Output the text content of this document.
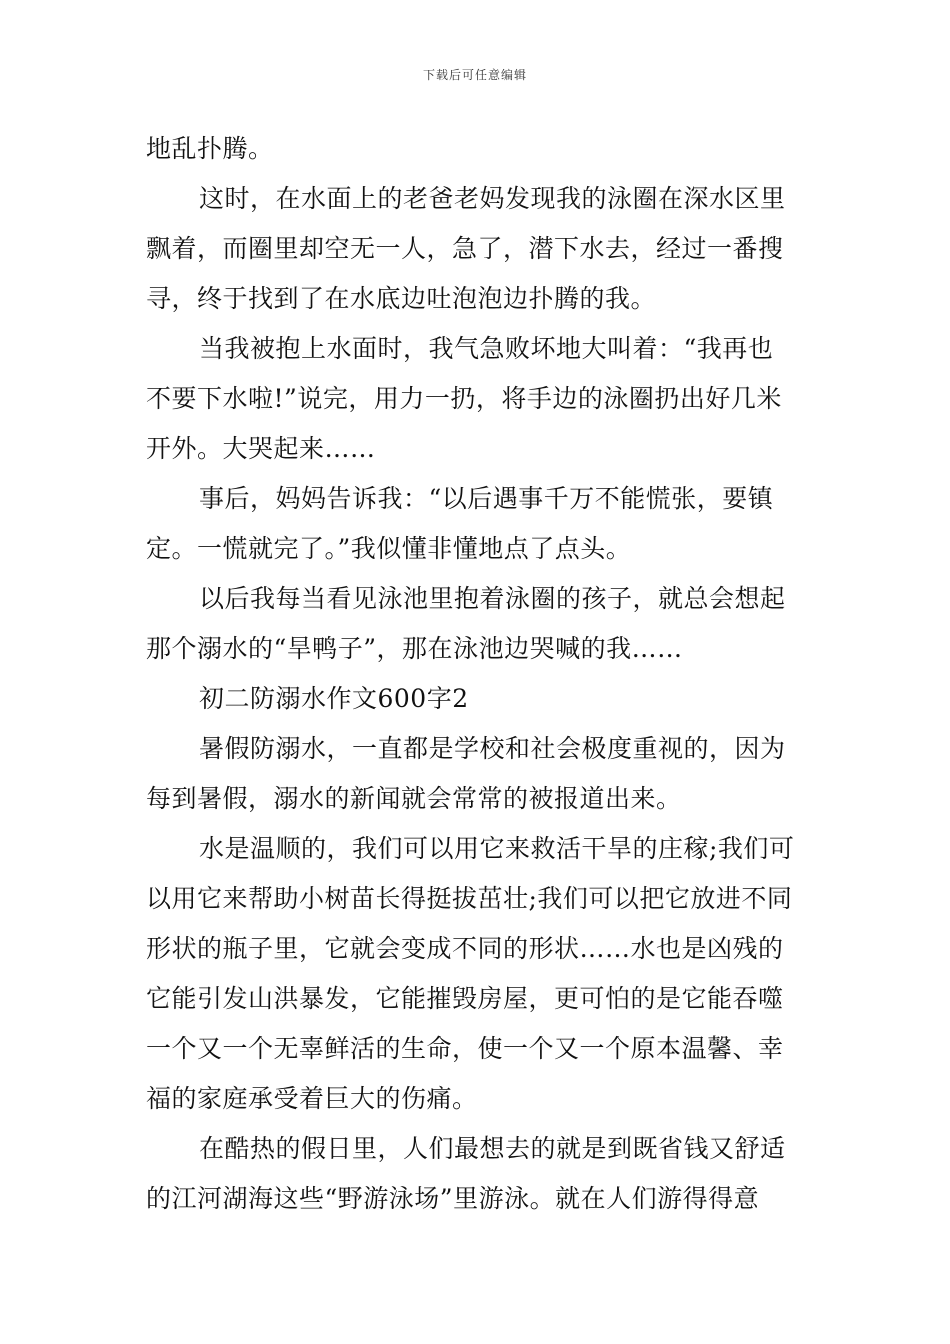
下载后可任意编辑
地乱扑腾。
这时，在水面上的老爸老妈发现我的泳圈在深水区里
飘着，而圈里却空无一人，急了，潜下水去，经过一番搜
寻，终于找到了在水底边吐泡泡边扑腾的我。
当我被抱上水面时，我气急败坏地大叫着：“我再也
不要下水啦!”说完，用力一扔，将手边的泳圈扔出好几米
开外。大哭起来……
事后，妈妈告诉我：“以后遇事千万不能慌张，要镇
定。一慌就完了。”我似懂非懂地点了点头。
以后我每当看见泳池里抱着泳圈的孩子，就总会想起
那个溺水的“旱鸭子”，那在泳池边哭喊的我……
初二防溺水作文600字2
暑假防溺水，一直都是学校和社会极度重视的，因为
每到暑假，溺水的新闻就会常常的被报道出来。
水是温顺的，我们可以用它来救活干旱的庄稼;我们可
以用它来帮助小树苗长得挺拔茁壮;我们可以把它放进不同
形状的瓶子里，它就会变成不同的形状……水也是凶残的
它能引发山洪暴发，它能摧毁房屋，更可怕的是它能吞噬
一个又一个无辜鲜活的生命，使一个又一个原本温馨、幸
福的家庭承受着巨大的伤痛。
在酷热的假日里，人们最想去的就是到既省钱又舒适
的江河湖海这些“野游泳场”里游泳。就在人们游得得意
